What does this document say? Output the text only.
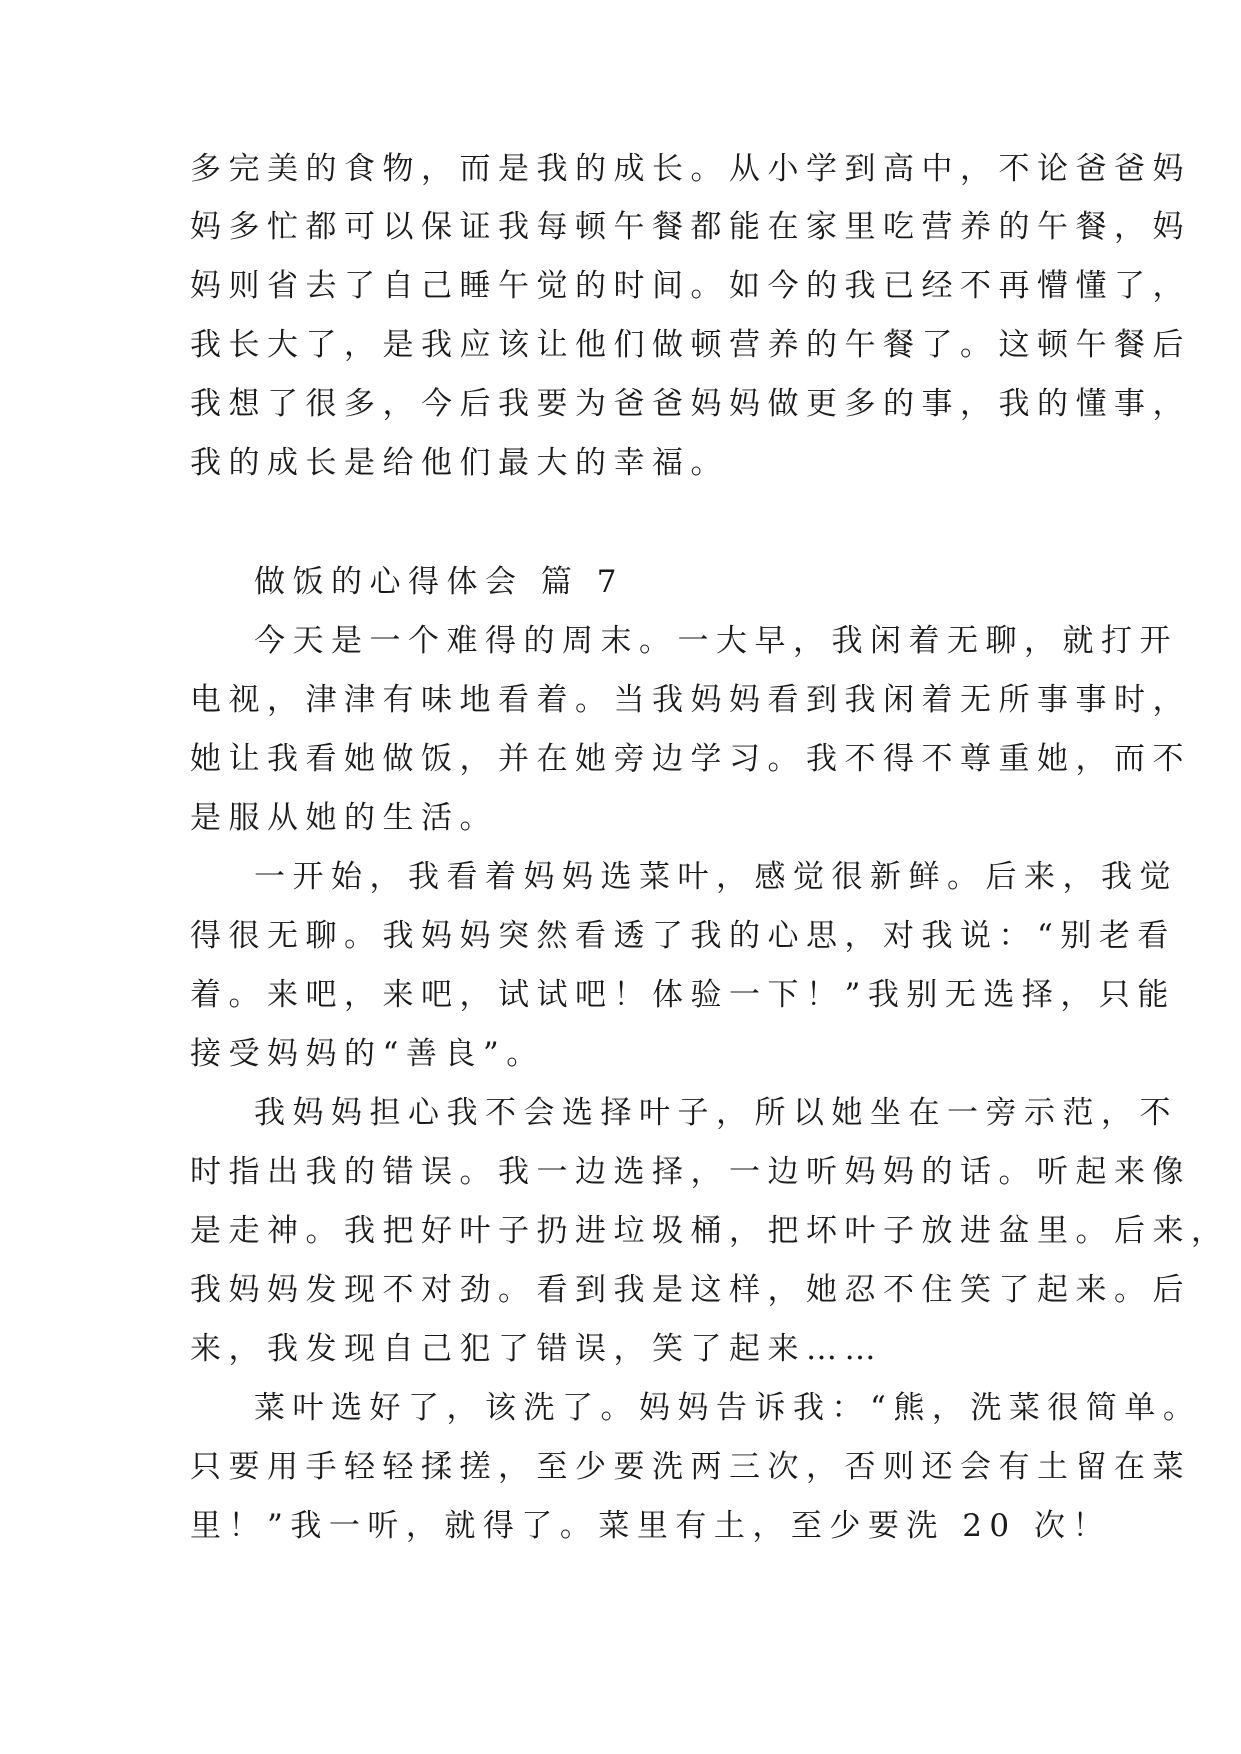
多完美的食物，而是我的成长。从小学到高中，不论爸爸妈
妈多忙都可以保证我每顿午餐都能在家里吃营养的午餐，妈
妈则省去了自己睡午觉的时间。如今的我已经不再懵懂了，
我长大了，是我应该让他们做顿营养的午餐了。这顿午餐后
我想了很多，今后我要为爸爸妈妈做更多的事，我的懂事，
我的成长是给他们最大的幸福。
做饭的心得体会 篇 7
今天是一个难得的周末。一大早，我闲着无聊，就打开
电视，津津有味地看着。当我妈妈看到我闲着无所事事时，
她让我看她做饭，并在她旁边学习。我不得不尊重她，而不
是服从她的生活。
一开始，我看着妈妈选菜叶，感觉很新鲜。后来，我觉
得很无聊。我妈妈突然看透了我的心思，对我说：“别老看
着。来吧，来吧，试试吧！体验一下！”我别无选择，只能
接受妈妈的“善良”。
我妈妈担心我不会选择叶子，所以她坐在一旁示范，不
时指出我的错误。我一边选择，一边听妈妈的话。听起来像
是走神。我把好叶子扔进垃圾桶，把坏叶子放进盆里。后来，
我妈妈发现不对劲。看到我是这样，她忍不住笑了起来。后
来，我发现自己犯了错误，笑了起来……
菜叶选好了，该洗了。妈妈告诉我：“熊，洗菜很简单。
只要用手轻轻揉搓，至少要洗两三次，否则还会有土留在菜
里！”我一听，就得了。菜里有土，至少要洗 20 次！
